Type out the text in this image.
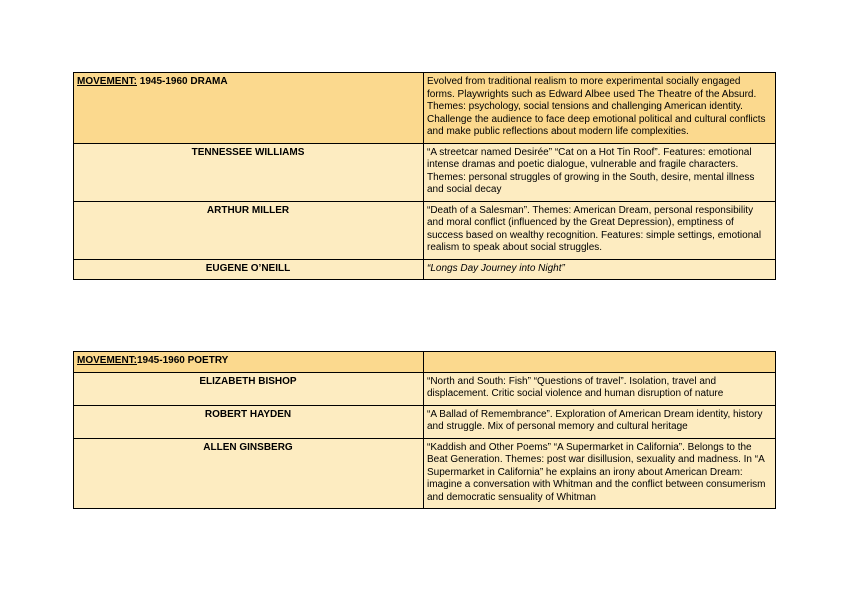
MOVEMENT: 1945-1960 DRAMA	Evolved from traditional realism to more experimental socially engaged forms. Playwrights such as Edward Albee used The Theatre of the Absurd. Themes: psychology, social tensions and challenging American identity. Challenge the audience to face deep emotional political and cultural conflicts and make public reflections about modern life complexities.
TENNESSEE WILLIAMS	“A streetcar named Desirée” “Cat on a Hot Tin Roof”. Features: emotional intense dramas and poetic dialogue, vulnerable and fragile characters. Themes: personal struggles of growing in the South, desire, mental illness and social decay
ARTHUR MILLER	“Death of a Salesman”. Themes: American Dream, personal responsibility and moral conflict (influenced by the Great Depression), emptiness of success based on wealthy recognition. Features: simple settings, emotional realism to speak about social struggles.
EUGENE O’NEILL	“Longs Day Journey into Night”
MOVEMENT:1945-1960 POETRY	
ELIZABETH BISHOP	“North and South: Fish” “Questions of travel”. Isolation, travel and displacement. Critic social violence and human disruption of nature
ROBERT HAYDEN	“A Ballad of Remembrance”. Exploration of American Dream identity, history and struggle. Mix of personal memory and cultural heritage
ALLEN GINSBERG	“Kaddish and Other Poems” “A Supermarket in California”. Belongs to the Beat Generation. Themes: post war disillusion, sexuality and madness. In “A Supermarket in California” he explains an irony about American Dream: imagine a conversation with Whitman and the conflict between consumerism and democratic sensuality of Whitman
